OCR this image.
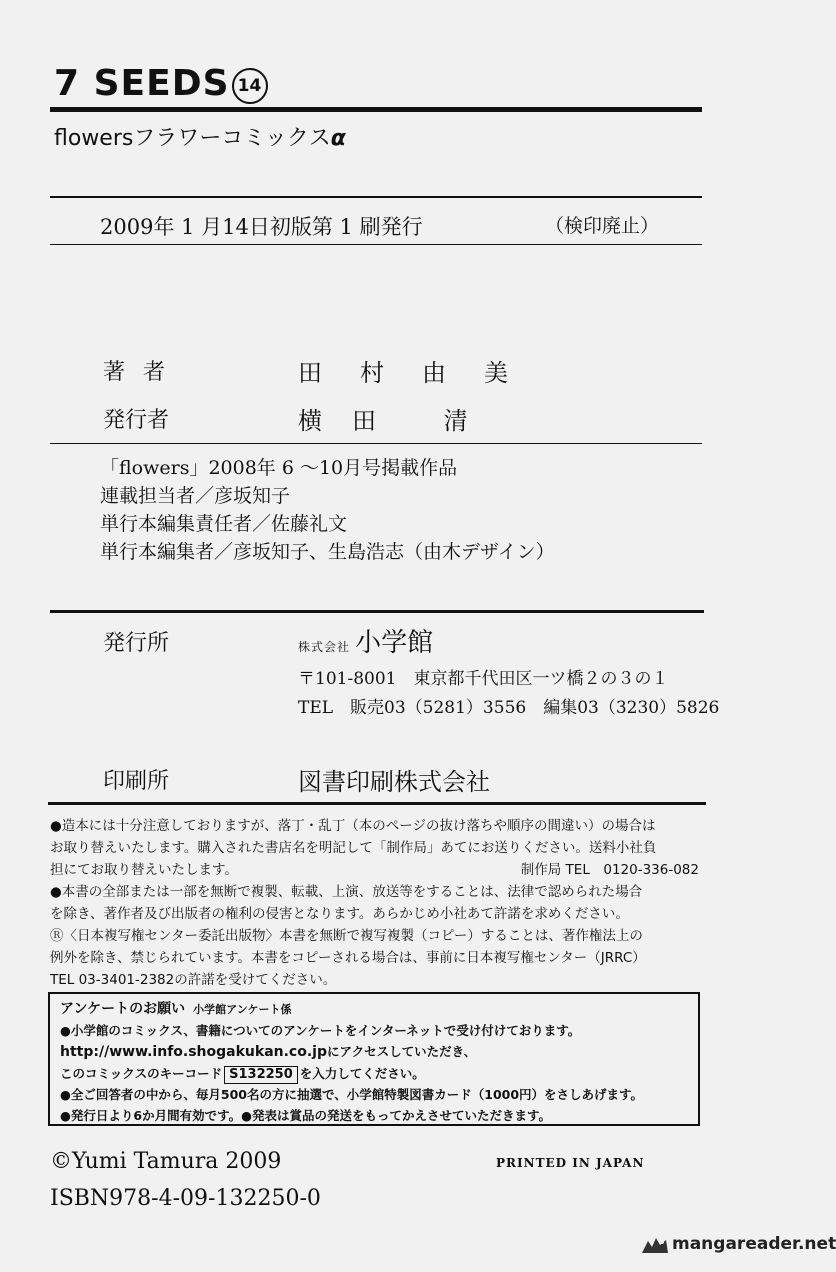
7 SEEDS 14
flowersフラワーコミックスα
2009年 1 月14日初版第 1 刷発行	（検印廃止）
著者	田村由美
発行者	横田 清
「flowers」2008年 6 〜10月号掲載作品
連載担当者／彦坂知子
単行本編集責任者／佐藤礼文
単行本編集者／彦坂知子、生島浩志（由木デザイン）
発行所	株式会社 小学館
〒101-8001　東京都千代田区一ツ橋２の３の１
TEL　販売03（5281）3556　編集03（3230）5826
印刷所	図書印刷株式会社
●造本には十分注意しておりますが、落丁・乱丁（本のページの抜け落ちや順序の間違い）の場合は
お取り替えいたします。購入された書店名を明記して「制作局」あてにお送りください。送料小社負
担にてお取り替えいたします。	制作局 TEL　0120-336-082
●本書の全部または一部を無断で複製、転載、上演、放送等をすることは、法律で認められた場合
を除き、著作者及び出版者の権利の侵害となります。あらかじめ小社あて許諾を求めください。
Ⓡ〈日本複写権センター委託出版物〉本書を無断で複写複製（コピー）することは、著作権法上の
例外を除き、禁じられています。本書をコピーされる場合は、事前に日本複写権センター（JRRC）
TEL 03-3401-2382の許諾を受けてください。
アンケートのお願い 小学館アンケート係
●小学館のコミックス、書籍についてのアンケートをインターネットで受け付けております。
http://www.info.shogakukan.co.jpにアクセスしていただき、
このコミックスのキーコード S132250 を入力してください。
●全ご回答者の中から、毎月500名の方に抽選で、小学館特製図書カード（1000円）をさしあげます。
●発行日より6か月間有効です。●発表は賞品の発送をもってかえさせていただきます。
©Yumi Tamura 2009
ISBN978-4-09-132250-0
PRINTED IN JAPAN
mangareader.net
